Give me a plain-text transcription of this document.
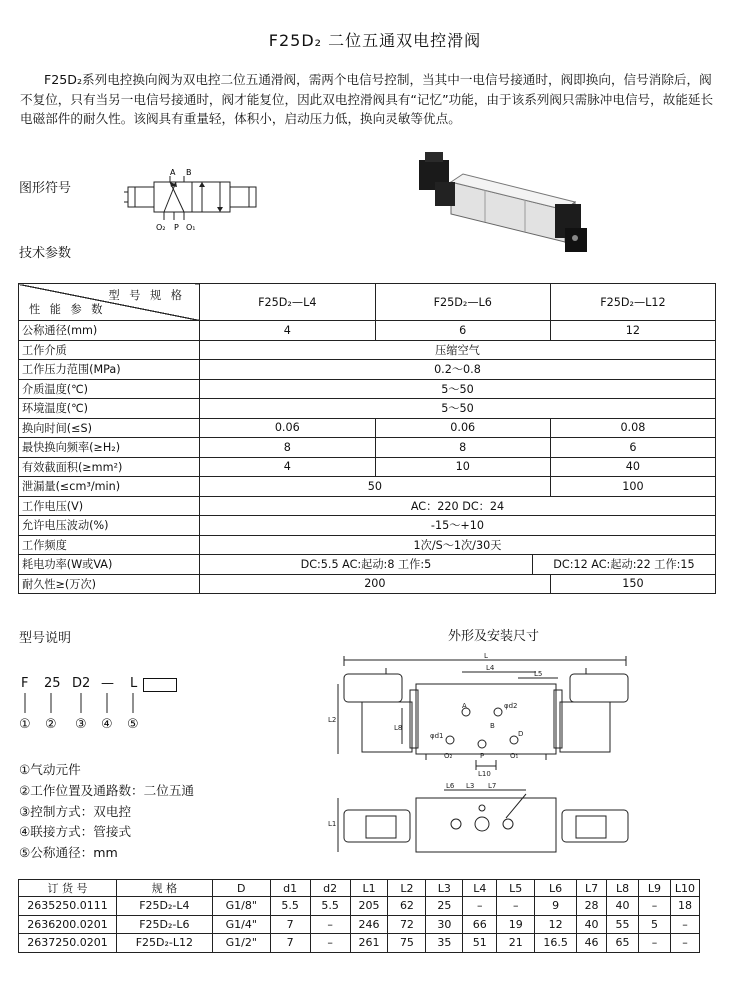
F25D₂ 二位五通双电控滑阀
F25D₂系列电控换向阀为双电控二位五通滑阀，需两个电信号控制，当其中一电信号接通时，阀即换向，信号消除后，阀不复位，只有当另一电信号接通时，阀才能复位，因此双电控滑阀具有“记忆”功能，由于该系列阀只需脉冲电信号，故能延长电磁部件的耐久性。该阀具有重量轻，体积小，启动压力低，换向灵敏等优点。
图形符号
A B
O₂ P O₁
技术参数
型 号 规 格
性 能 参 数	F25D₂—L4	F25D₂—L6		F25D₂—L12
公称通径(mm)	4	6		12
工作介质	压缩空气			
工作压力范围(MPa)	0.2～0.8			
介质温度(℃)	5～50			
环境温度(℃)	5～50			
换向时间(≤S)	0.06	0.06		0.08
最快换向频率(≥H₂)	8	8		6
有效截面积(≥mm²)	4	10		40
泄漏量(≤cm³/min)	50			100
工作电压(V)	AC：220 DC：24			
允许电压波动(%)	-15～+10			
工作频度	1次/S～1次/30天			
耗电功率(W或VA)	DC:5.5 AC:起动:8 工作:5		DC:12 AC:起动:22 工作:15	
耐久性≥(万次)	200			150
型号说明	外形及安装尺寸
F 25 D2 — L
① ② ③ ④ ⑤
①气动元件
②工作位置及通路数：二位五通
③控制方式：双电控
④联接方式：管接式
⑤公称通径：mm
L
L4
L5
L2
L8
A	φd2
φd1	D
B
P
O₂	O₁
L10
L6 L3 L7
L1
订 货 号	规 格	D	d1	d2	L1	L2	L3	L4	L5	L6	L7	L8	L9	L10
2635250.0111	F25D₂-L4	G1/8"	5.5	5.5	205	62	25	–	–	9	28	40	–	18
2636200.0201	F25D₂-L6	G1/4"	7	–	246	72	30	66	19	12	40	55	5	–
2637250.0201	F25D₂-L12	G1/2"	7	–	261	75	35	51	21	16.5	46	65	–	–
